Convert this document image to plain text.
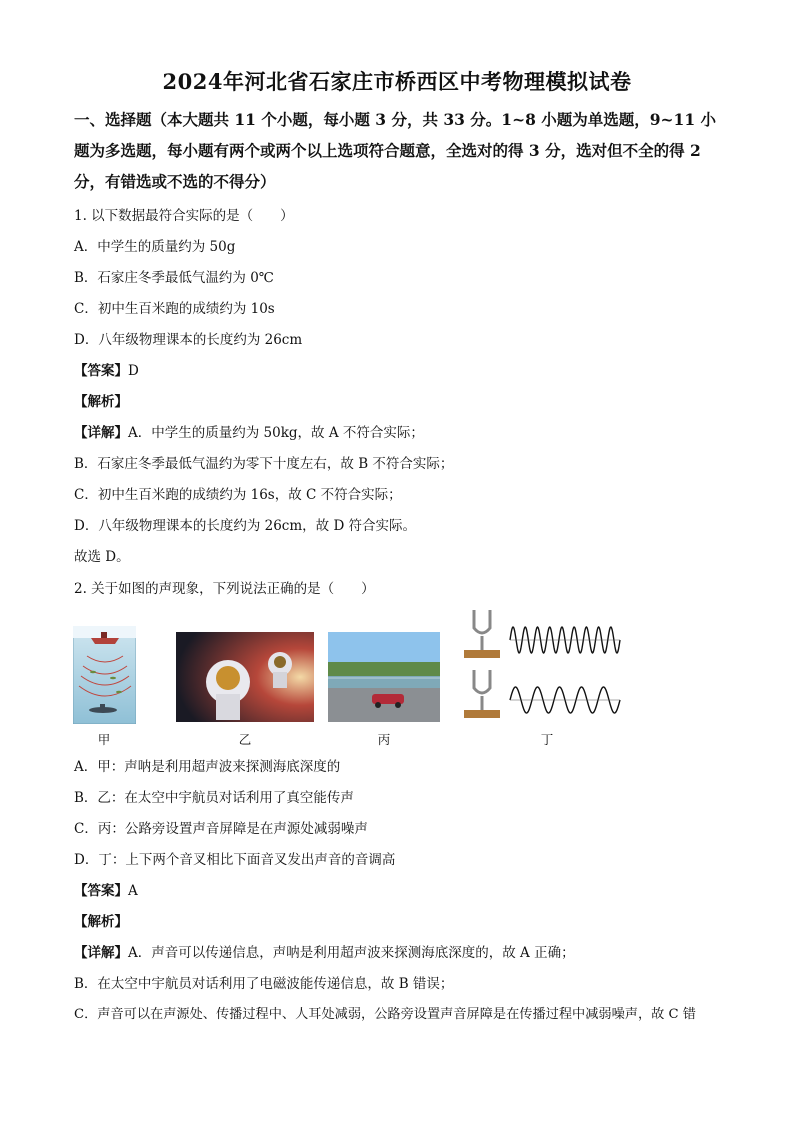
2024年河北省石家庄市桥西区中考物理模拟试卷
一、选择题（本大题共 11 个小题，每小题 3 分，共 33 分。1~8 小题为单选题，9~11 小题为多选题，每小题有两个或两个以上选项符合题意，全选对的得 3 分，选对但不全的得 2 分，有错选或不选的不得分）
1. 以下数据最符合实际的是（　　）
A．中学生的质量约为 50g
B．石家庄冬季最低气温约为 0℃
C．初中生百米跑的成绩约为 10s
D．八年级物理课本的长度约为 26cm
【答案】D
【解析】
【详解】A．中学生的质量约为 50kg，故 A 不符合实际；
B．石家庄冬季最低气温约为零下十度左右，故 B 不符合实际；
C．初中生百米跑的成绩约为 16s，故 C 不符合实际；
D．八年级物理课本的长度约为 26cm，故 D 符合实际。
故选 D。
2. 关于如图的声现象，下列说法正确的是（　　）
甲	乙	丙	丁
A．甲：声呐是利用超声波来探测海底深度的
B．乙：在太空中宇航员对话利用了真空能传声
C．丙：公路旁设置声音屏障是在声源处减弱噪声
D．丁：上下两个音叉相比下面音叉发出声音的音调高
【答案】A
【解析】
【详解】A．声音可以传递信息，声呐是利用超声波来探测海底深度的，故 A 正确；
B．在太空中宇航员对话利用了电磁波能传递信息，故 B 错误；
C．声音可以在声源处、传播过程中、人耳处减弱，公路旁设置声音屏障是在传播过程中减弱噪声，故 C 错
